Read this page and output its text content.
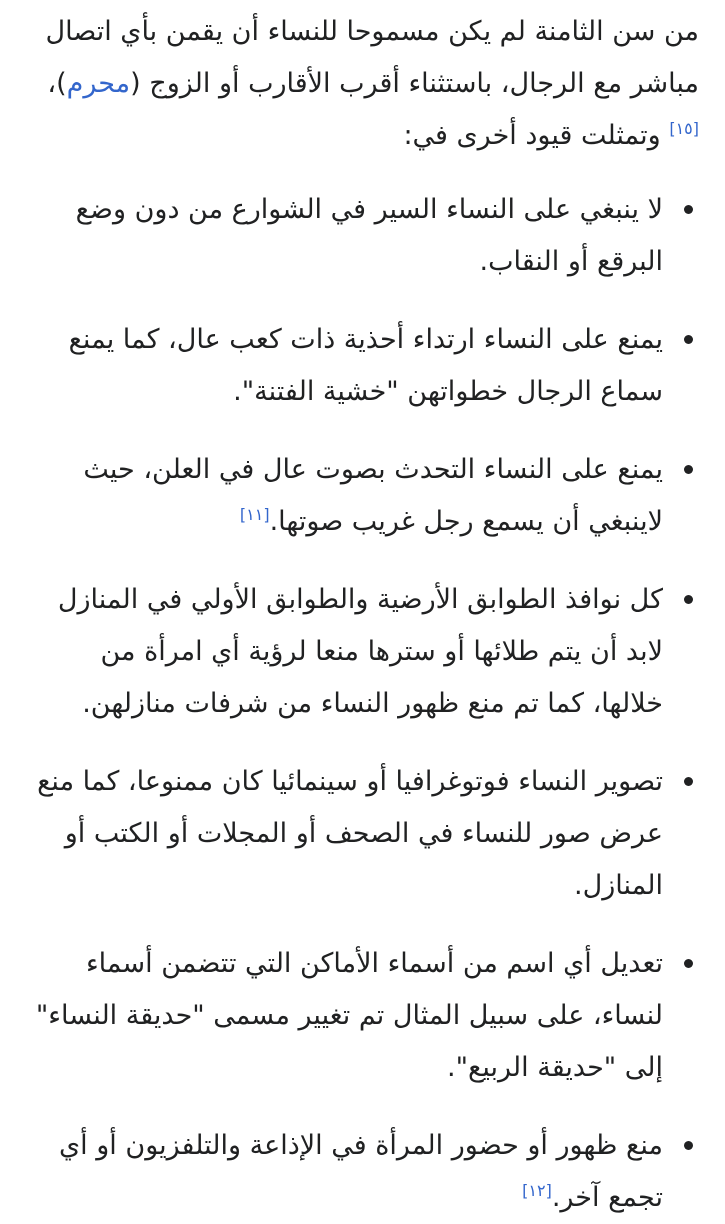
من سن الثامنة لم يكن مسموحا للنساء أن يقمن بأي اتصال مباشر مع الرجال، باستثناء أقرب الأقارب أو الزوج (محرم)،[١٥] وتمثلت قيود أخرى في:

لا ينبغي على النساء السير في الشوارع من دون وضع البرقع أو النقاب.
يمنع على النساء ارتداء أحذية ذات كعب عال، كما يمنع سماع الرجال خطواتهن "خشية الفتنة".
يمنع على النساء التحدث بصوت عال في العلن، حيث لاينبغي أن يسمع رجل غريب صوتها.[١١]
كل نوافذ الطوابق الأرضية والطوابق الأولي في المنازل لابد أن يتم طلائها أو سترها منعا لرؤية أي امرأة من خلالها، كما تم منع ظهور النساء من شرفات منازلهن.
تصوير النساء فوتوغرافيا أو سينمائيا كان ممنوعا، كما منع عرض صور للنساء في الصحف أو المجلات أو الكتب أو المنازل.
تعديل أي اسم من أسماء الأماكن التي تتضمن أسماء لنساء، على سبيل المثال تم تغيير مسمى "حديقة النساء" إلى "حديقة الربيع".
منع ظهور أو حضور المرأة في الإذاعة والتلفزيون أو أي تجمع آخر.[١٢]
